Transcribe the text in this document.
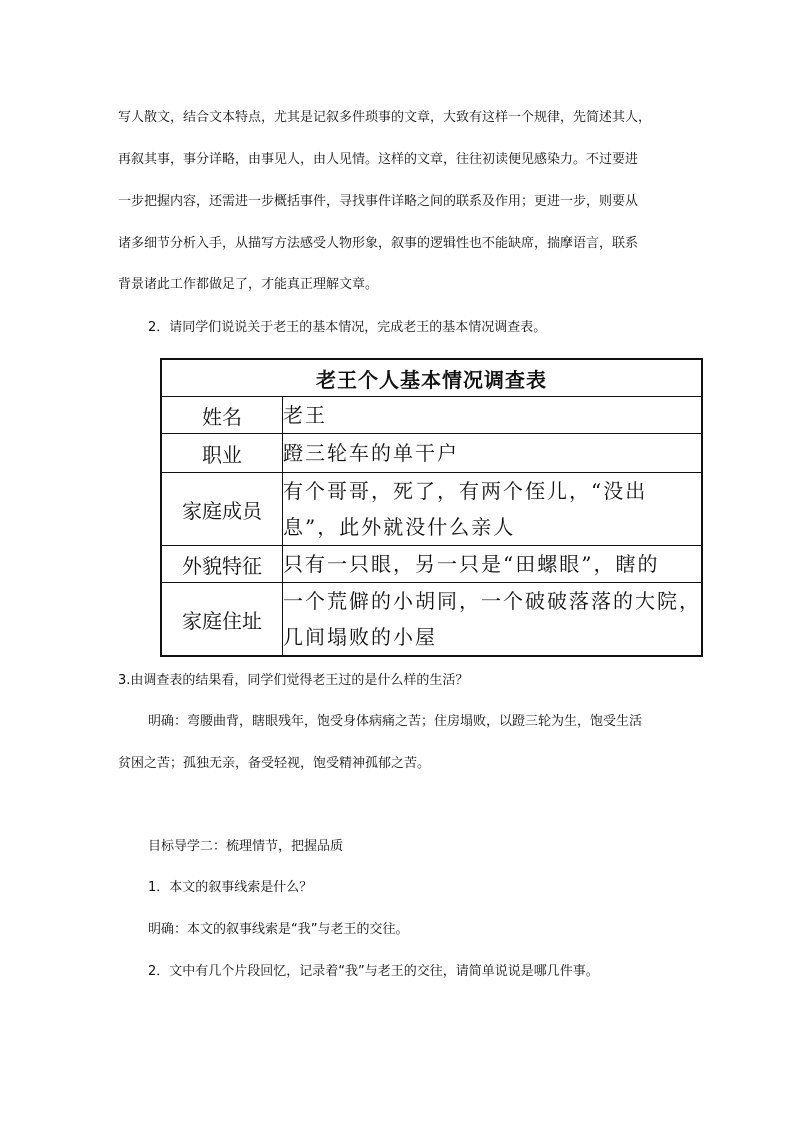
写人散文，结合文本特点，尤其是记叙多件琐事的文章，大致有这样一个规律，先简述其人，
再叙其事，事分详略，由事见人，由人见情。这样的文章，往往初读便见感染力。不过要进
一步把握内容，还需进一步概括事件，寻找事件详略之间的联系及作用；更进一步，则要从
诸多细节分析入手，从描写方法感受人物形象，叙事的逻辑性也不能缺席，揣摩语言，联系
背景诸此工作都做足了，才能真正理解文章。
2．请同学们说说关于老王的基本情况，完成老王的基本情况调查表。
老王个人基本情况调查表	
姓名	老王
职业	蹬三轮车的单干户
家庭成员	有个哥哥，死了，有两个侄儿，“没出息”，此外就没什么亲人
外貌特征	只有一只眼，另一只是“田螺眼”，瞎的
家庭住址	一个荒僻的小胡同，一个破破落落的大院，几间塌败的小屋
3.由调查表的结果看，同学们觉得老王过的是什么样的生活？
明确：弯腰曲背，瞎眼残年，饱受身体病痛之苦；住房塌败，以蹬三轮为生，饱受生活
贫困之苦；孤独无亲，备受轻视，饱受精神孤郁之苦。
目标导学二：梳理情节，把握品质
1．本文的叙事线索是什么？
明确：本文的叙事线索是“我”与老王的交往。
2．文中有几个片段回忆，记录着“我”与老王的交往，请简单说说是哪几件事。
